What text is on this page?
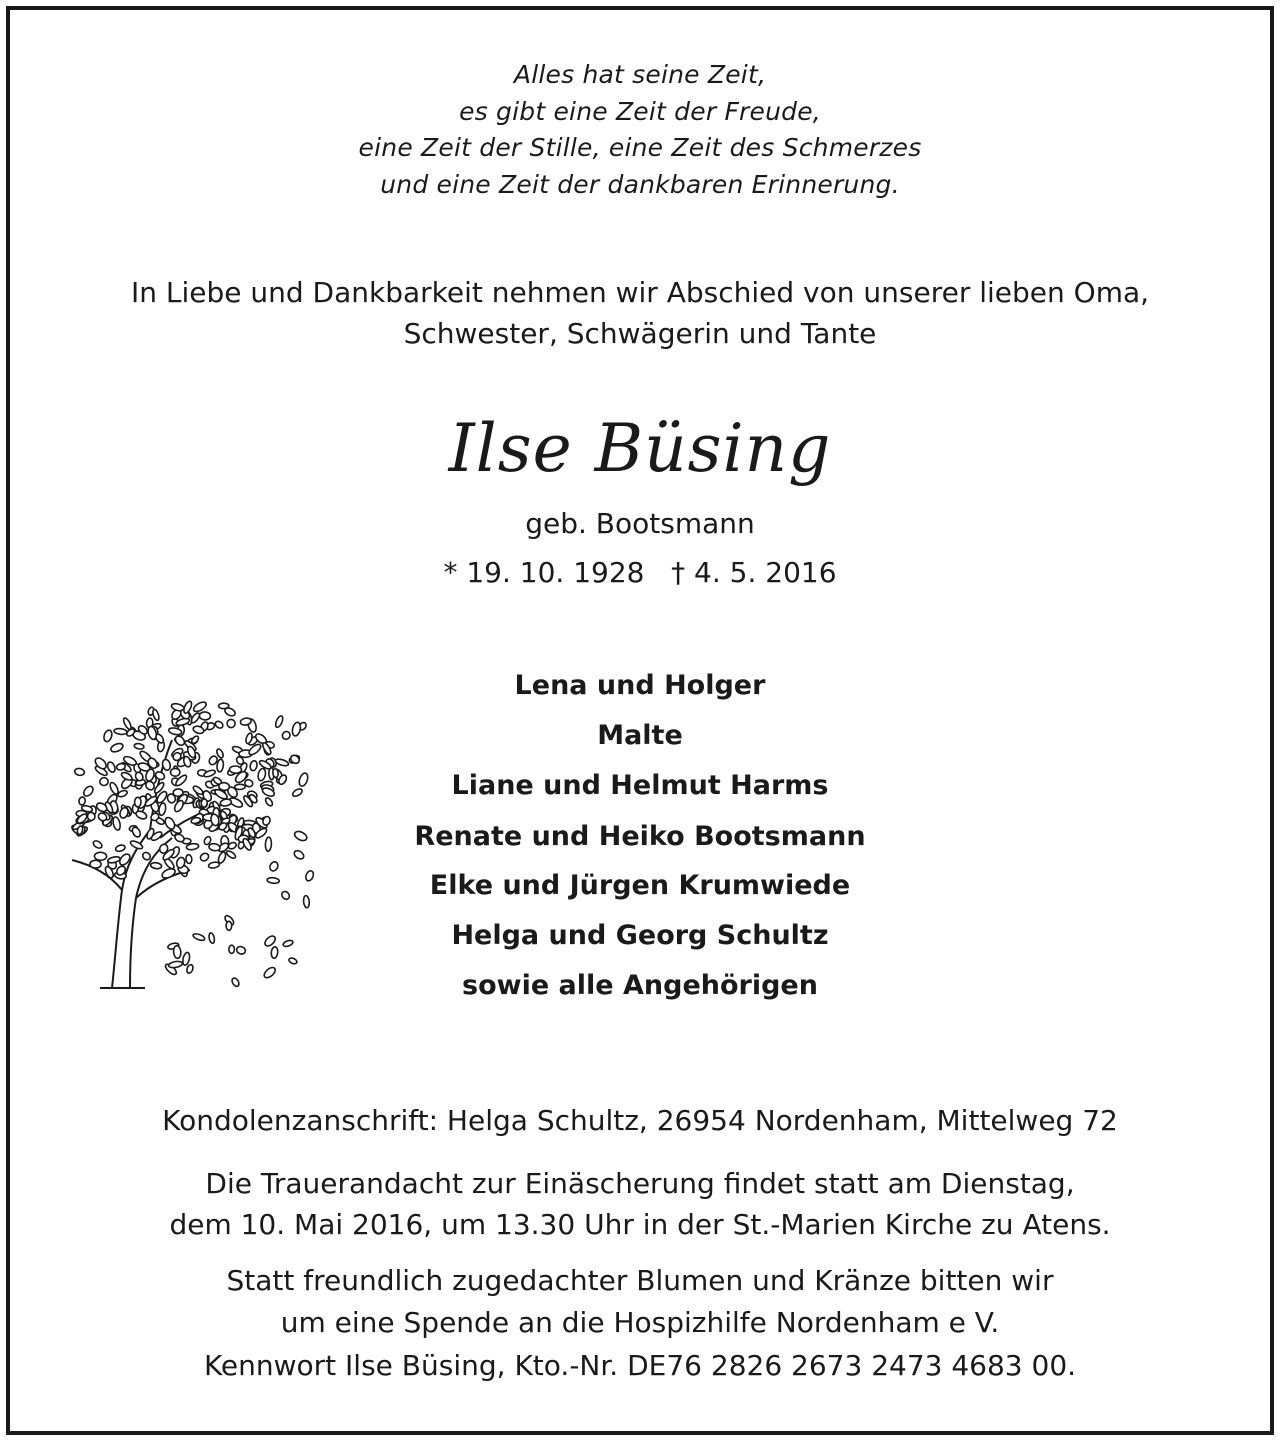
Alles hat seine Zeit,
es gibt eine Zeit der Freude,
eine Zeit der Stille, eine Zeit des Schmerzes
und eine Zeit der dankbaren Erinnerung.
In Liebe und Dankbarkeit nehmen wir Abschied von unserer lieben Oma,
Schwester, Schwägerin und Tante
Ilse Büsing
geb. Bootsmann
* 19. 10. 1928   † 4. 5. 2016
Lena und Holger
Malte
Liane und Helmut Harms
Renate und Heiko Bootsmann
Elke und Jürgen Krumwiede
Helga und Georg Schultz
sowie alle Angehörigen
Kondolenzanschrift: Helga Schultz, 26954 Nordenham, Mittelweg 72
Die Trauerandacht zur Einäscherung findet statt am Dienstag,
dem 10. Mai 2016, um 13.30 Uhr in der St.-Marien Kirche zu Atens.
Statt freundlich zugedachter Blumen und Kränze bitten wir
um eine Spende an die Hospizhilfe Nordenham e V.
Kennwort Ilse Büsing, Kto.-Nr. DE76 2826 2673 2473 4683 00.
